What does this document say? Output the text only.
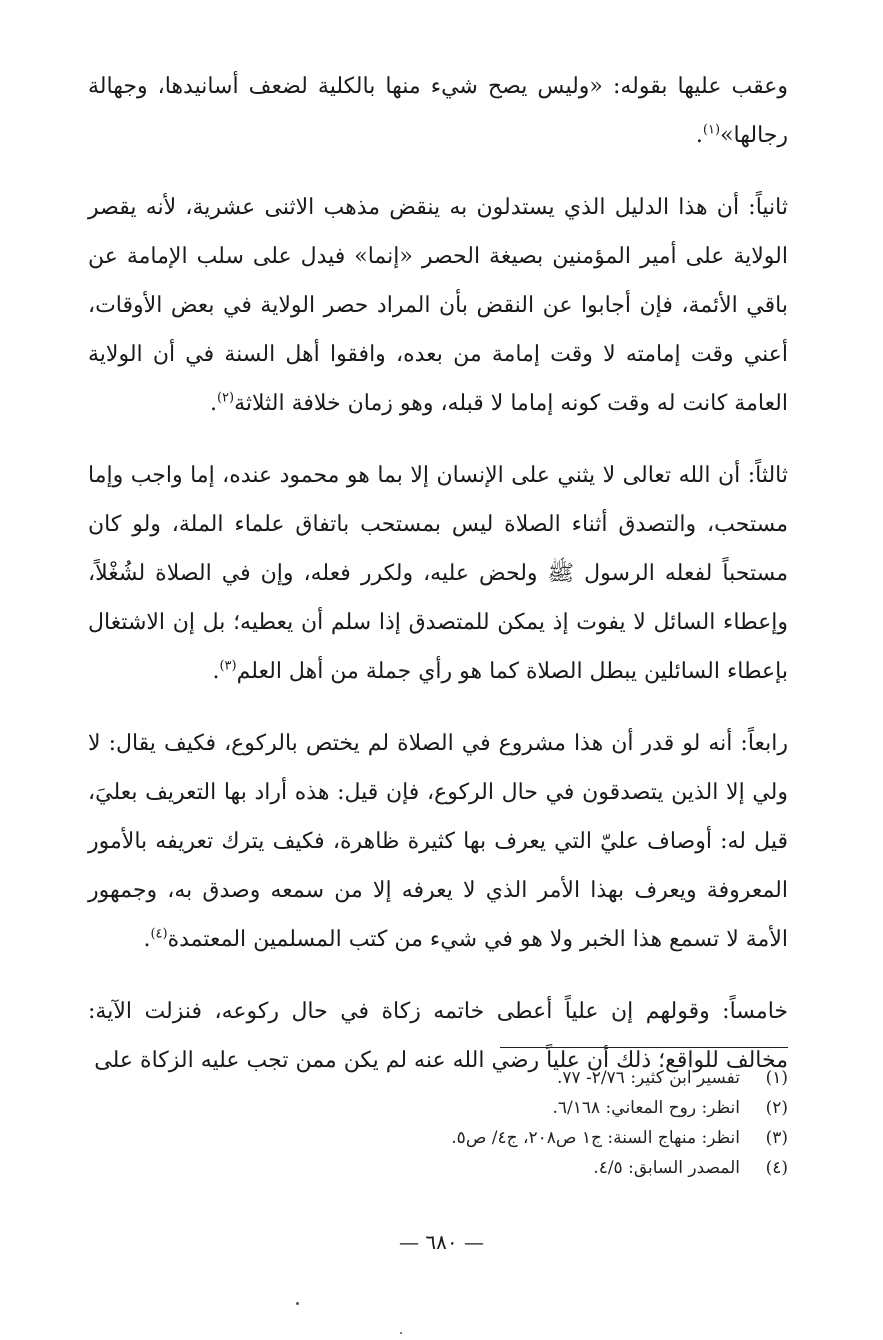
وعقب عليها بقوله: «وليس يصح شيء منها بالكلية لضعف أسانيدها، وجهالة رجالها»$^{(١)}$.

ثانياً: أن هذا الدليل الذي يستدلون به ينقض مذهب الاثنى عشرية، لأنه يقصر الولاية على أمير المؤمنين بصيغة الحصر «إنما» فيدل على سلب الإمامة عن باقي الأئمة، فإن أجابوا عن النقض بأن المراد حصر الولاية في بعض الأوقات، أعني وقت إمامته لا وقت إمامة من بعده، وافقوا أهل السنة في أن الولاية العامة كانت له وقت كونه إماما لا قبله، وهو زمان خلافة الثلاثة$^{(٢)}$.

ثالثاً: أن الله تعالى لا يثني على الإنسان إلا بما هو محمود عنده، إما واجب وإما مستحب، والتصدق أثناء الصلاة ليس بمستحب باتفاق علماء الملة، ولو كان مستحباً لفعله الرسول ﷺ ولحض عليه، ولكرر فعله، وإن في الصلاة لشُغْلاً، وإعطاء السائل لا يفوت إذ يمكن للمتصدق إذا سلم أن يعطيه؛ بل إن الاشتغال بإعطاء السائلين يبطل الصلاة كما هو رأي جملة من أهل العلم$^{(٣)}$.

رابعاً: أنه لو قدر أن هذا مشروع في الصلاة لم يختص بالركوع، فكيف يقال: لا ولي إلا الذين يتصدقون في حال الركوع، فإن قيل: هذه أراد بها التعريف بعليَ، قيل له: أوصاف عليّ التي يعرف بها كثيرة ظاهرة، فكيف يترك تعريفه بالأمور المعروفة ويعرف بهذا الأمر الذي لا يعرفه إلا من سمعه وصدق به، وجمهور الأمة لا تسمع هذا الخبر ولا هو في شيء من كتب المسلمين المعتمدة$^{(٤)}$.

خامساً: وقولهم إن علياً أعطى خاتمه زكاة في حال ركوعه، فنزلت الآية: مخالف للواقع؛ ذلك أن علياً رضي الله عنه لم يكن ممن تجب عليه الزكاة على

(١)
تفسير ابن كثير: ٢/٧٦- ٧٧.
(٢)
انظر: روح المعاني: ٦/١٦٨.
(٣)
انظر: منهاج السنة: ج١ ص٢٠٨، ج٤/ ص٥.
(٤)
المصدر السابق: ٤/٥.
— ٦٨٠ —
